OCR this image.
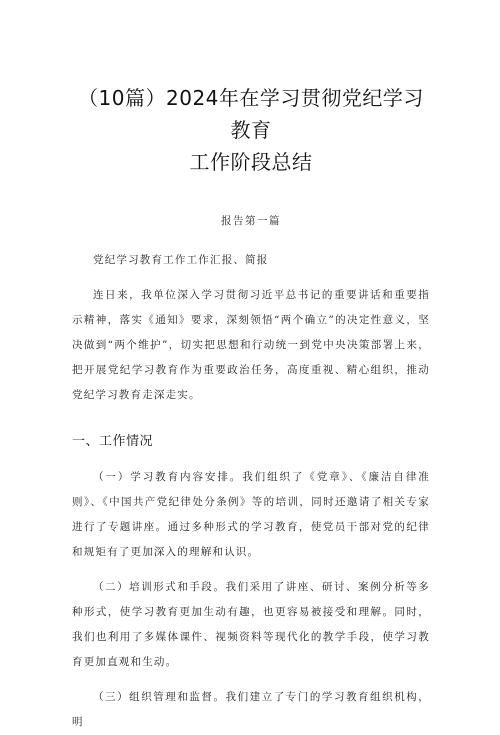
（10篇）2024年在学习贯彻党纪学习教育
工作阶段总结
报告第一篇

党纪学习教育工作工作汇报、简报

连日来，我单位深入学习贯彻习近平总书记的重要讲话和重要指示精神，落实《通知》要求，深刻领悟“两个确立”的决定性意义，坚决做到“两个维护”，切实把思想和行动统一到党中央决策部署上来，把开展党纪学习教育作为重要政治任务，高度重视、精心组织，推动党纪学习教育走深走实。

一、工作情况

（一）学习教育内容安排。我们组织了《党章》、《廉洁自律准则》、《中国共产党纪律处分条例》等的培训，同时还邀请了相关专家进行了专题讲座。通过多种形式的学习教育，使党员干部对党的纪律和规矩有了更加深入的理解和认识。

（二）培训形式和手段。我们采用了讲座、研讨、案例分析等多种形式，使学习教育更加生动有趣，也更容易被接受和理解。同时，我们也利用了多媒体课件、视频资料等现代化的教学手段，使学习教育更加直观和生动。

（三）组织管理和监督。我们建立了专门的学习教育组织机构，明
